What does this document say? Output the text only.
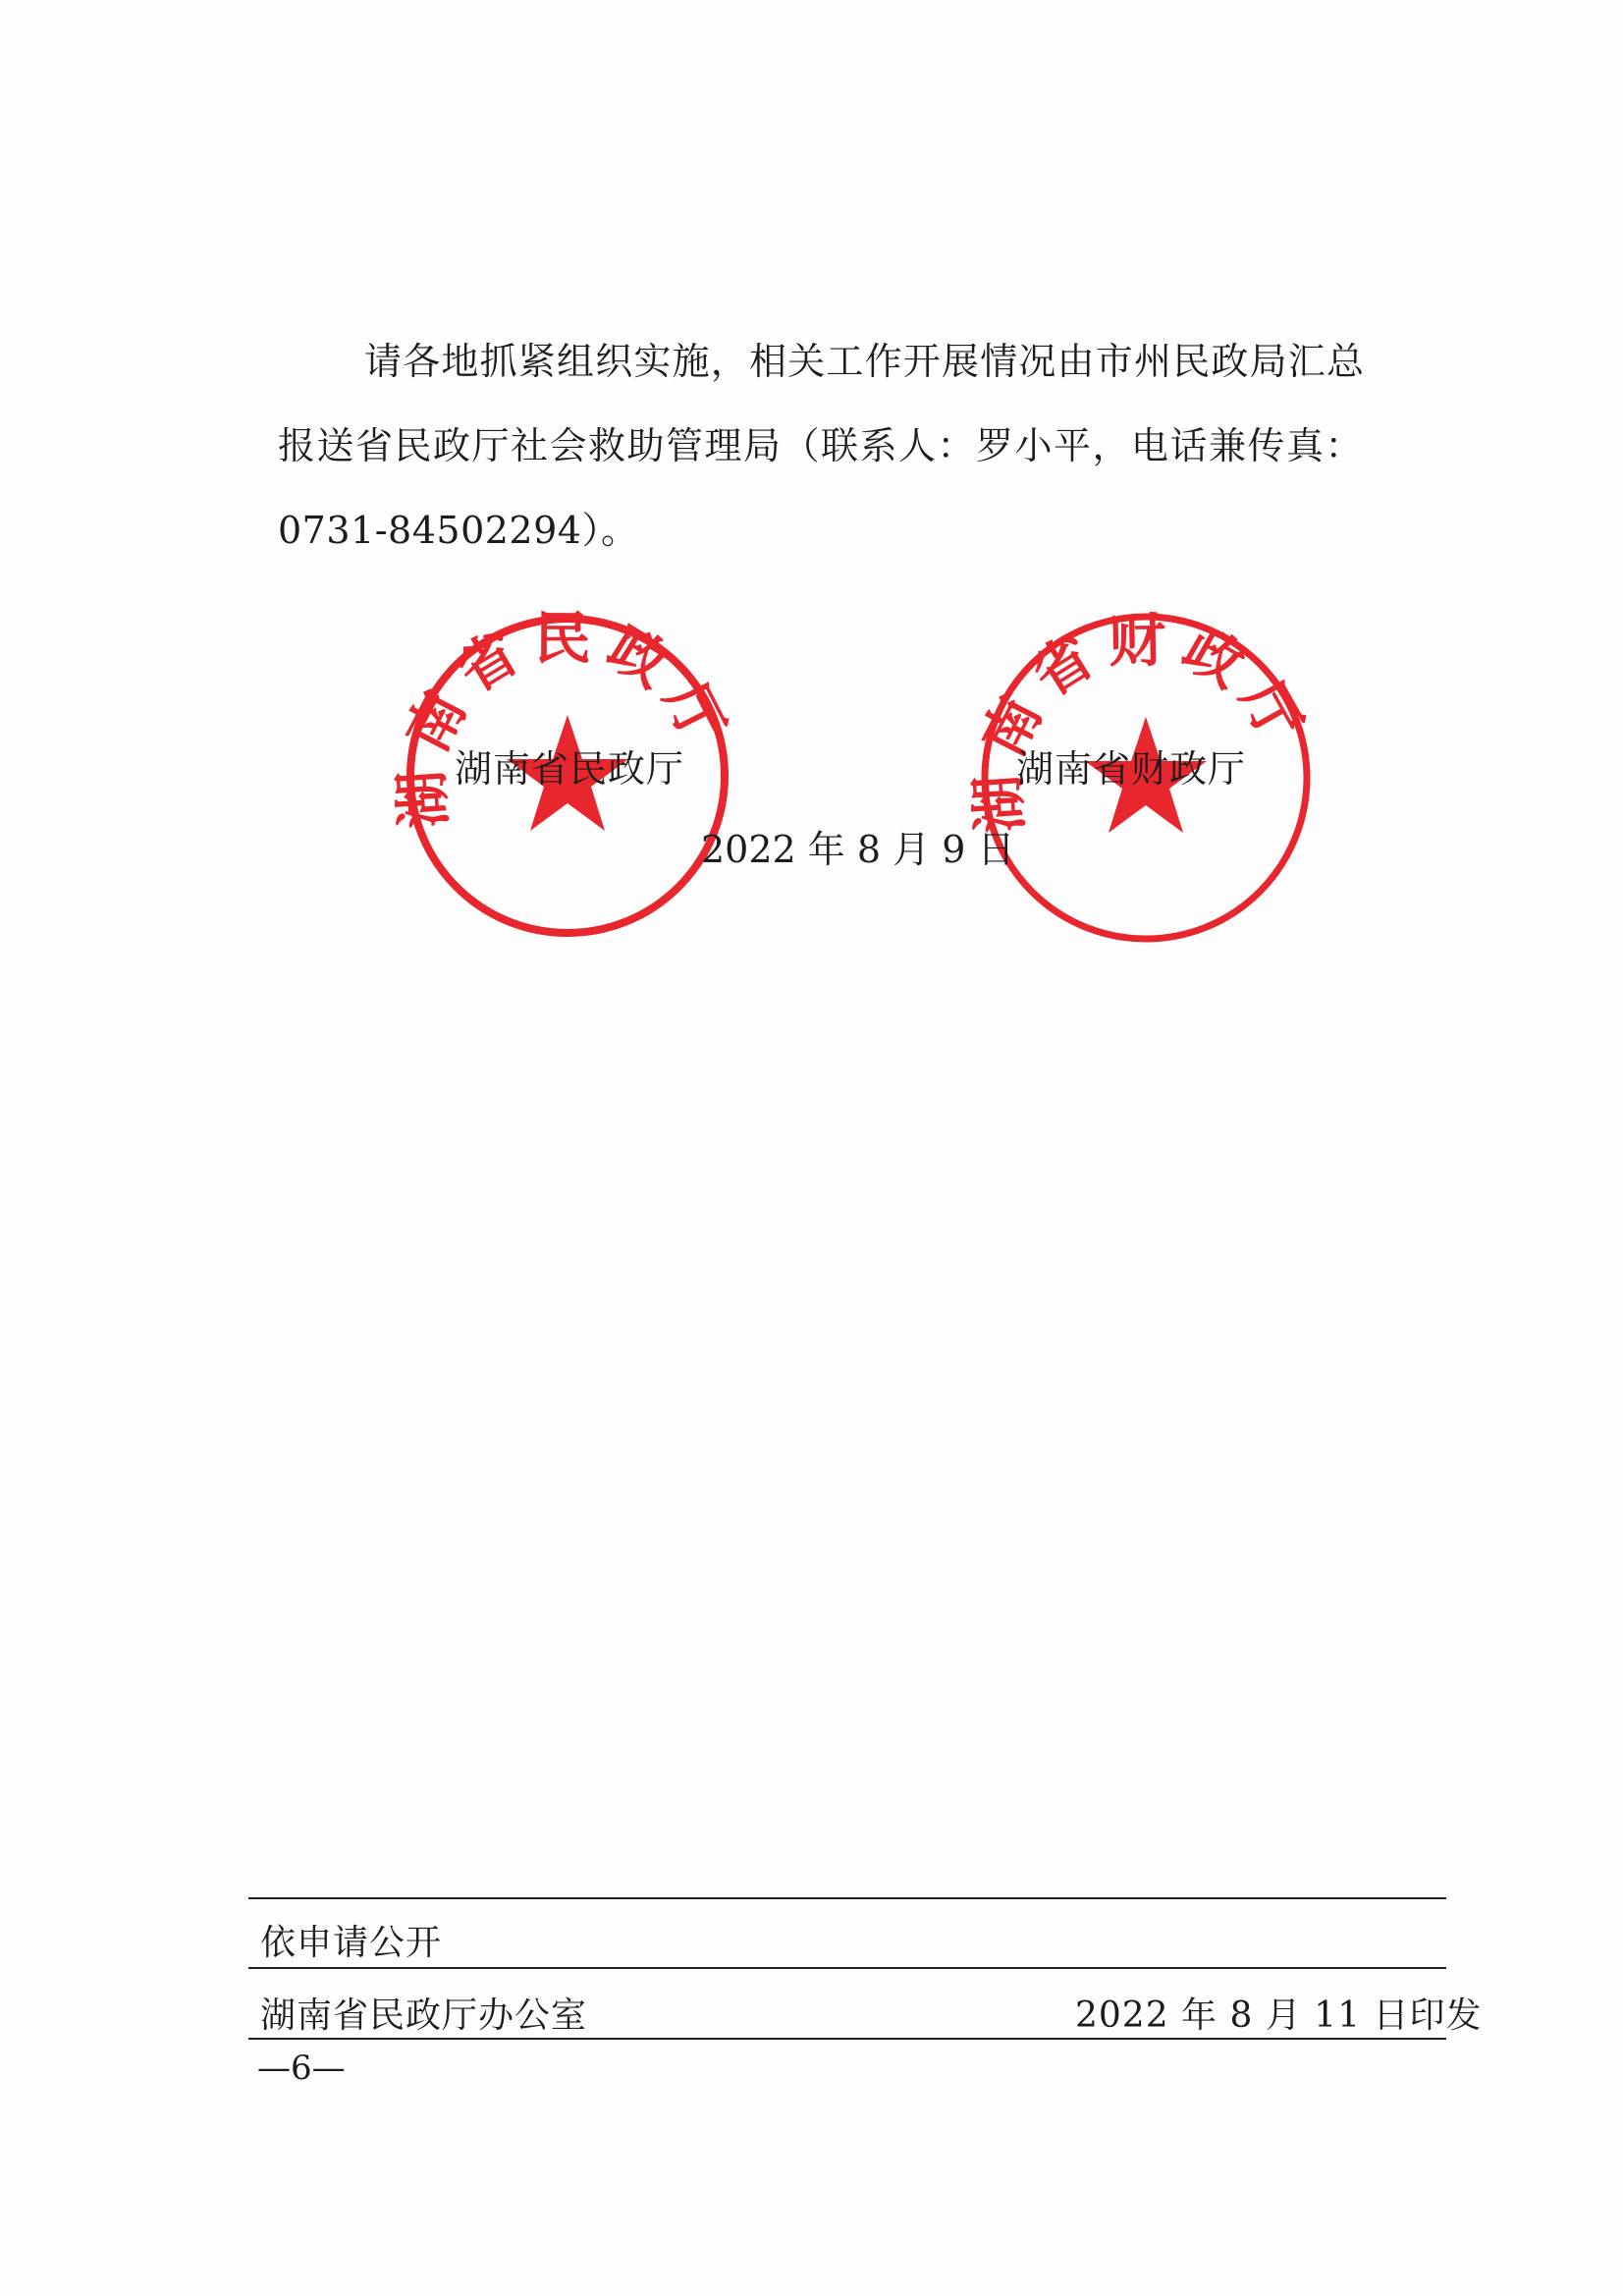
请各地抓紧组织实施，相关工作开展情况由市州民政局汇总
报送省民政厅社会救助管理局（联系人：罗小平，电话兼传真：
0731-84502294）。
湖南省民政厅
湖南省财政厅
湖南省民政厅	湖南省财政厅
2022 年 8 月 9 日
依申请公开
湖南省民政厅办公室	2022 年 8 月 11 日印发
—6—
